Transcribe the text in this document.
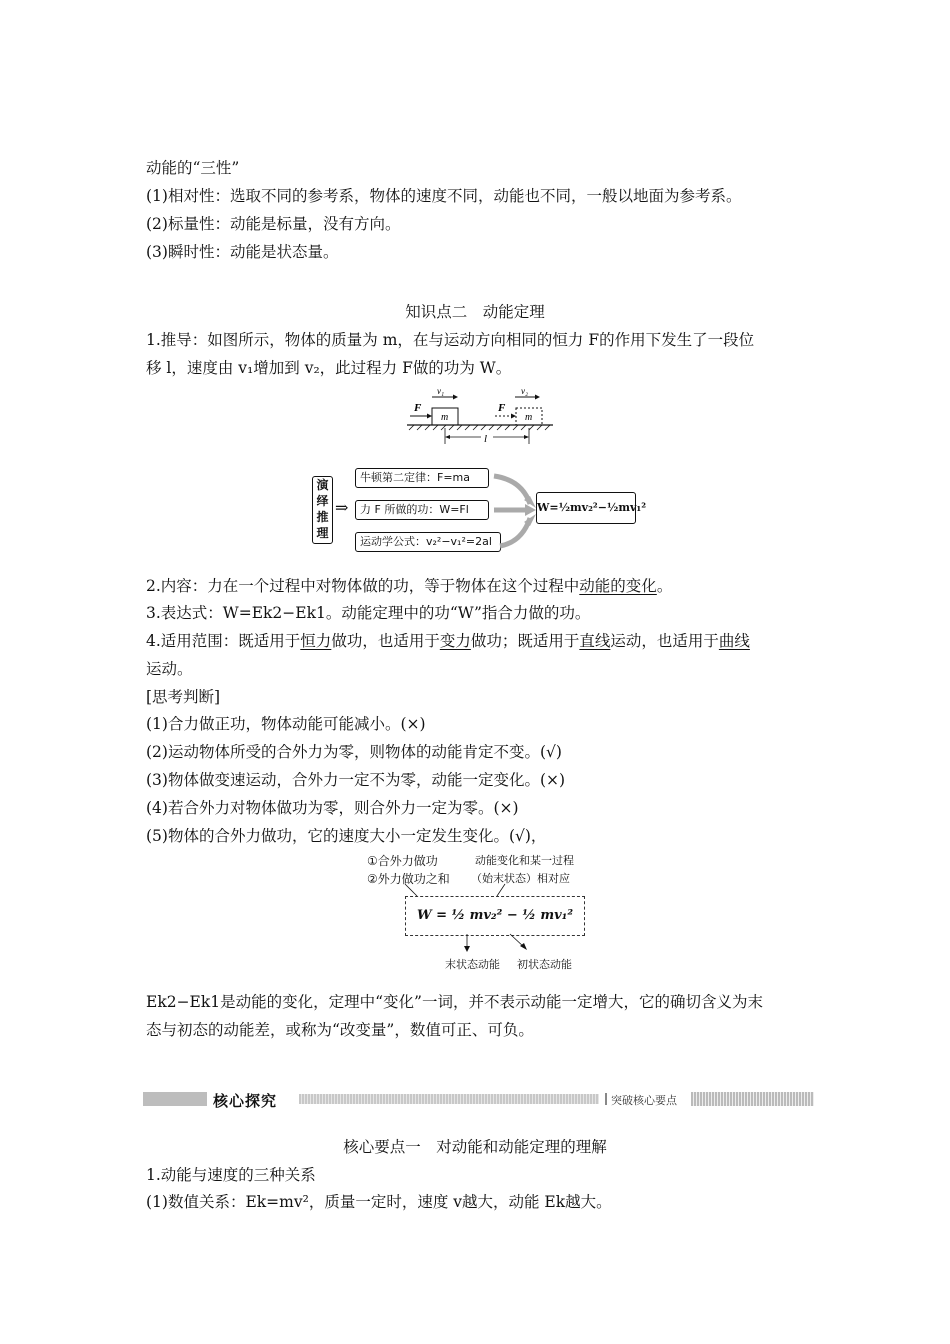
动能的“三性”
(1)相对性：选取不同的参考系，物体的速度不同，动能也不同，一般以地面为参考系。
(2)标量性：动能是标量，没有方向。
(3)瞬时性：动能是状态量。
知识点二　动能定理
1.推导：如图所示，物体的质量为 m，在与运动方向相同的恒力 F的作用下发生了一段位
移 l，速度由 v₁增加到 v₂，此过程力 F做的功为 W。
v₁	v₂
F
m
F
m
l
演
绎
推
理
⇒
牛顿第二定律：F=ma
力 F 所做的功：W=Fl
运动学公式：v₂²−v₁²=2al
W=½mv₂²−½mv₁²
2.内容：力在一个过程中对物体做的功，等于物体在这个过程中动能的变化。
3.表达式：W=Ek2−Ek1。动能定理中的功“W”指合力做的功。
4.适用范围：既适用于恒力做功，也适用于变力做功；既适用于直线运动，也适用于曲线
运动。
[思考判断]
(1)合力做正功，物体动能可能减小。(×)
(2)运动物体所受的合外力为零，则物体的动能肯定不变。(√)
(3)物体做变速运动，合外力一定不为零，动能一定变化。(×)
(4)若合外力对物体做功为零，则合外力一定为零。(×)
(5)物体的合外力做功，它的速度大小一定发生变化。(√)，
①合外力做功
②外力做功之和
动能变化和某一过程
（始末状态）相对应
W = ½ mv₂² − ½ mv₁²
末状态动能 初状态动能
Ek2−Ek1是动能的变化，定理中“变化”一词，并不表示动能一定增大，它的确切含义为末
态与初态的动能差，或称为“改变量”，数值可正、可负。
核心探究	突破核心要点
核心要点一　对动能和动能定理的理解
1.动能与速度的三种关系
(1)数值关系：Ek=mv²，质量一定时，速度 v越大，动能 Ek越大。
